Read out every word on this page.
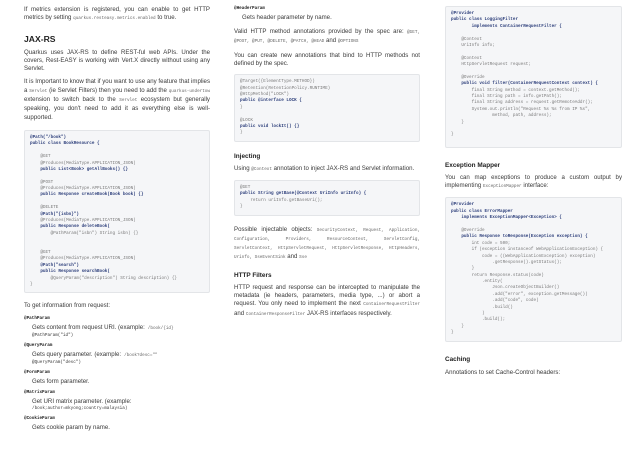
If metrics extension is registered, you can enable to get HTTP metrics by setting quarkus.resteasy.metrics.enabled to true.

JAX-RS

Quarkus uses JAX-RS to define REST-ful web APIs. Under the covers, Rest-EASY is working with Vert.X directly without using any Servlet.

It is Important to know that if you want to use any feature that implies a Servlet (ie Servlet Filters) then you need to add the quarkus-undertow extension to switch back to the Servlet ecosystem but generally speaking, you don't need to add it as everything else is well-supported.

@Path("/book")
public class BookResource {
@GET
@Produces(MediaType.APPLICATION_JSON)
public List<Book> getAllBooks() {}
@POST
@Produces(MediaType.APPLICATION_JSON)
public Response createBook(Book book) {}
@DELETE
@Path("{isbn}")
@Produces(MediaType.APPLICATION_JSON)
public Response deleteBook(
@PathParam("isbn") String isbn) {}
@GET
@Produces(MediaType.APPLICATION_JSON)
@Path("search")
public Response searchBook(
@QueryParam("description") String description) {}
}

To get information from request:

@PathParam

Gets content from request URI. (example: /book/{id}

@PathParam("id")
@QueryParam

Gets query parameter. (example: /book?desc=""

@QueryParam("desc")
@FormParam

Gets form parameter.

@MatrixParam

Get URI matrix parameter. (example:

/book;author=mkyong;country=malaysia)
@CookieParam

Gets cookie param by name.

@HeaderParam

Gets header parameter by name.

Valid HTTP method annotations provided by the spec are: @GET, @POST, @PUT, @DELETE, @PATCH, @HEAD and @OPTIONS

You can create new annotations that bind to HTTP methods not defined by the spec.

@Target({ElementType.METHOD})
@Retention(RetentionPolicy.RUNTIME)
@HttpMethod("LOCK")
public @interface LOCK {
}
@LOCK
public void lockIt() {}
}
Injecting

Using @Context annotation to inject JAX-RS and Servlet information.

@GET
public String getBase(@Context UriInfo uriInfo) {
return uriInfo.getBaseUri();
}

Possible injectable objects: SecurityContext, Request, Application, Configuration, Providers, ResourceContext, ServletConfig, ServletContext, HttpServletRequest, HttpServletResponse, HttpHeaders, Urinfo, SseEventSink and Sse

HTTP Filters

HTTP request and response can be intercepted to manipulate the metadata (ie headers, parameters, media type, ...) or abort a request. You only need to implement the next ContainerRequestFilter and ContainerResponseFilter JAX-RS interfaces respectively.

@Provider
public class LoggingFilter
implements ContainerRequestFilter {
@Context
UriInfo info;
@Context
HttpServletRequest request;
@Override
public void filter(ContainerRequestContext context) {
final String method = context.getMethod();
final String path = info.getPath();
final String address = request.getRemoteAddr();
System.out.println("Request %s %s from IP %s",
method, path, address);
}
}
Exception Mapper

You can map exceptions to produce a custom output by implementing ExceptionMapper interface:

@Provider
public class ErrorMapper
implements ExceptionMapper<Exception> {
@Override
public Response toResponse(Exception exception) {
int code = 500;
if (exception instanceof WebApplicationException) {
code = ((WebApplicationException) exception)
.getResponse().getStatus();
}
return Response.status(code)
.entity(
Json.createObjectBuilder()
.add("error", exception.getMessage())
.add("code", code)
.build()
)
.build();
}
}
Caching

Annotations to set Cache-Control headers:
